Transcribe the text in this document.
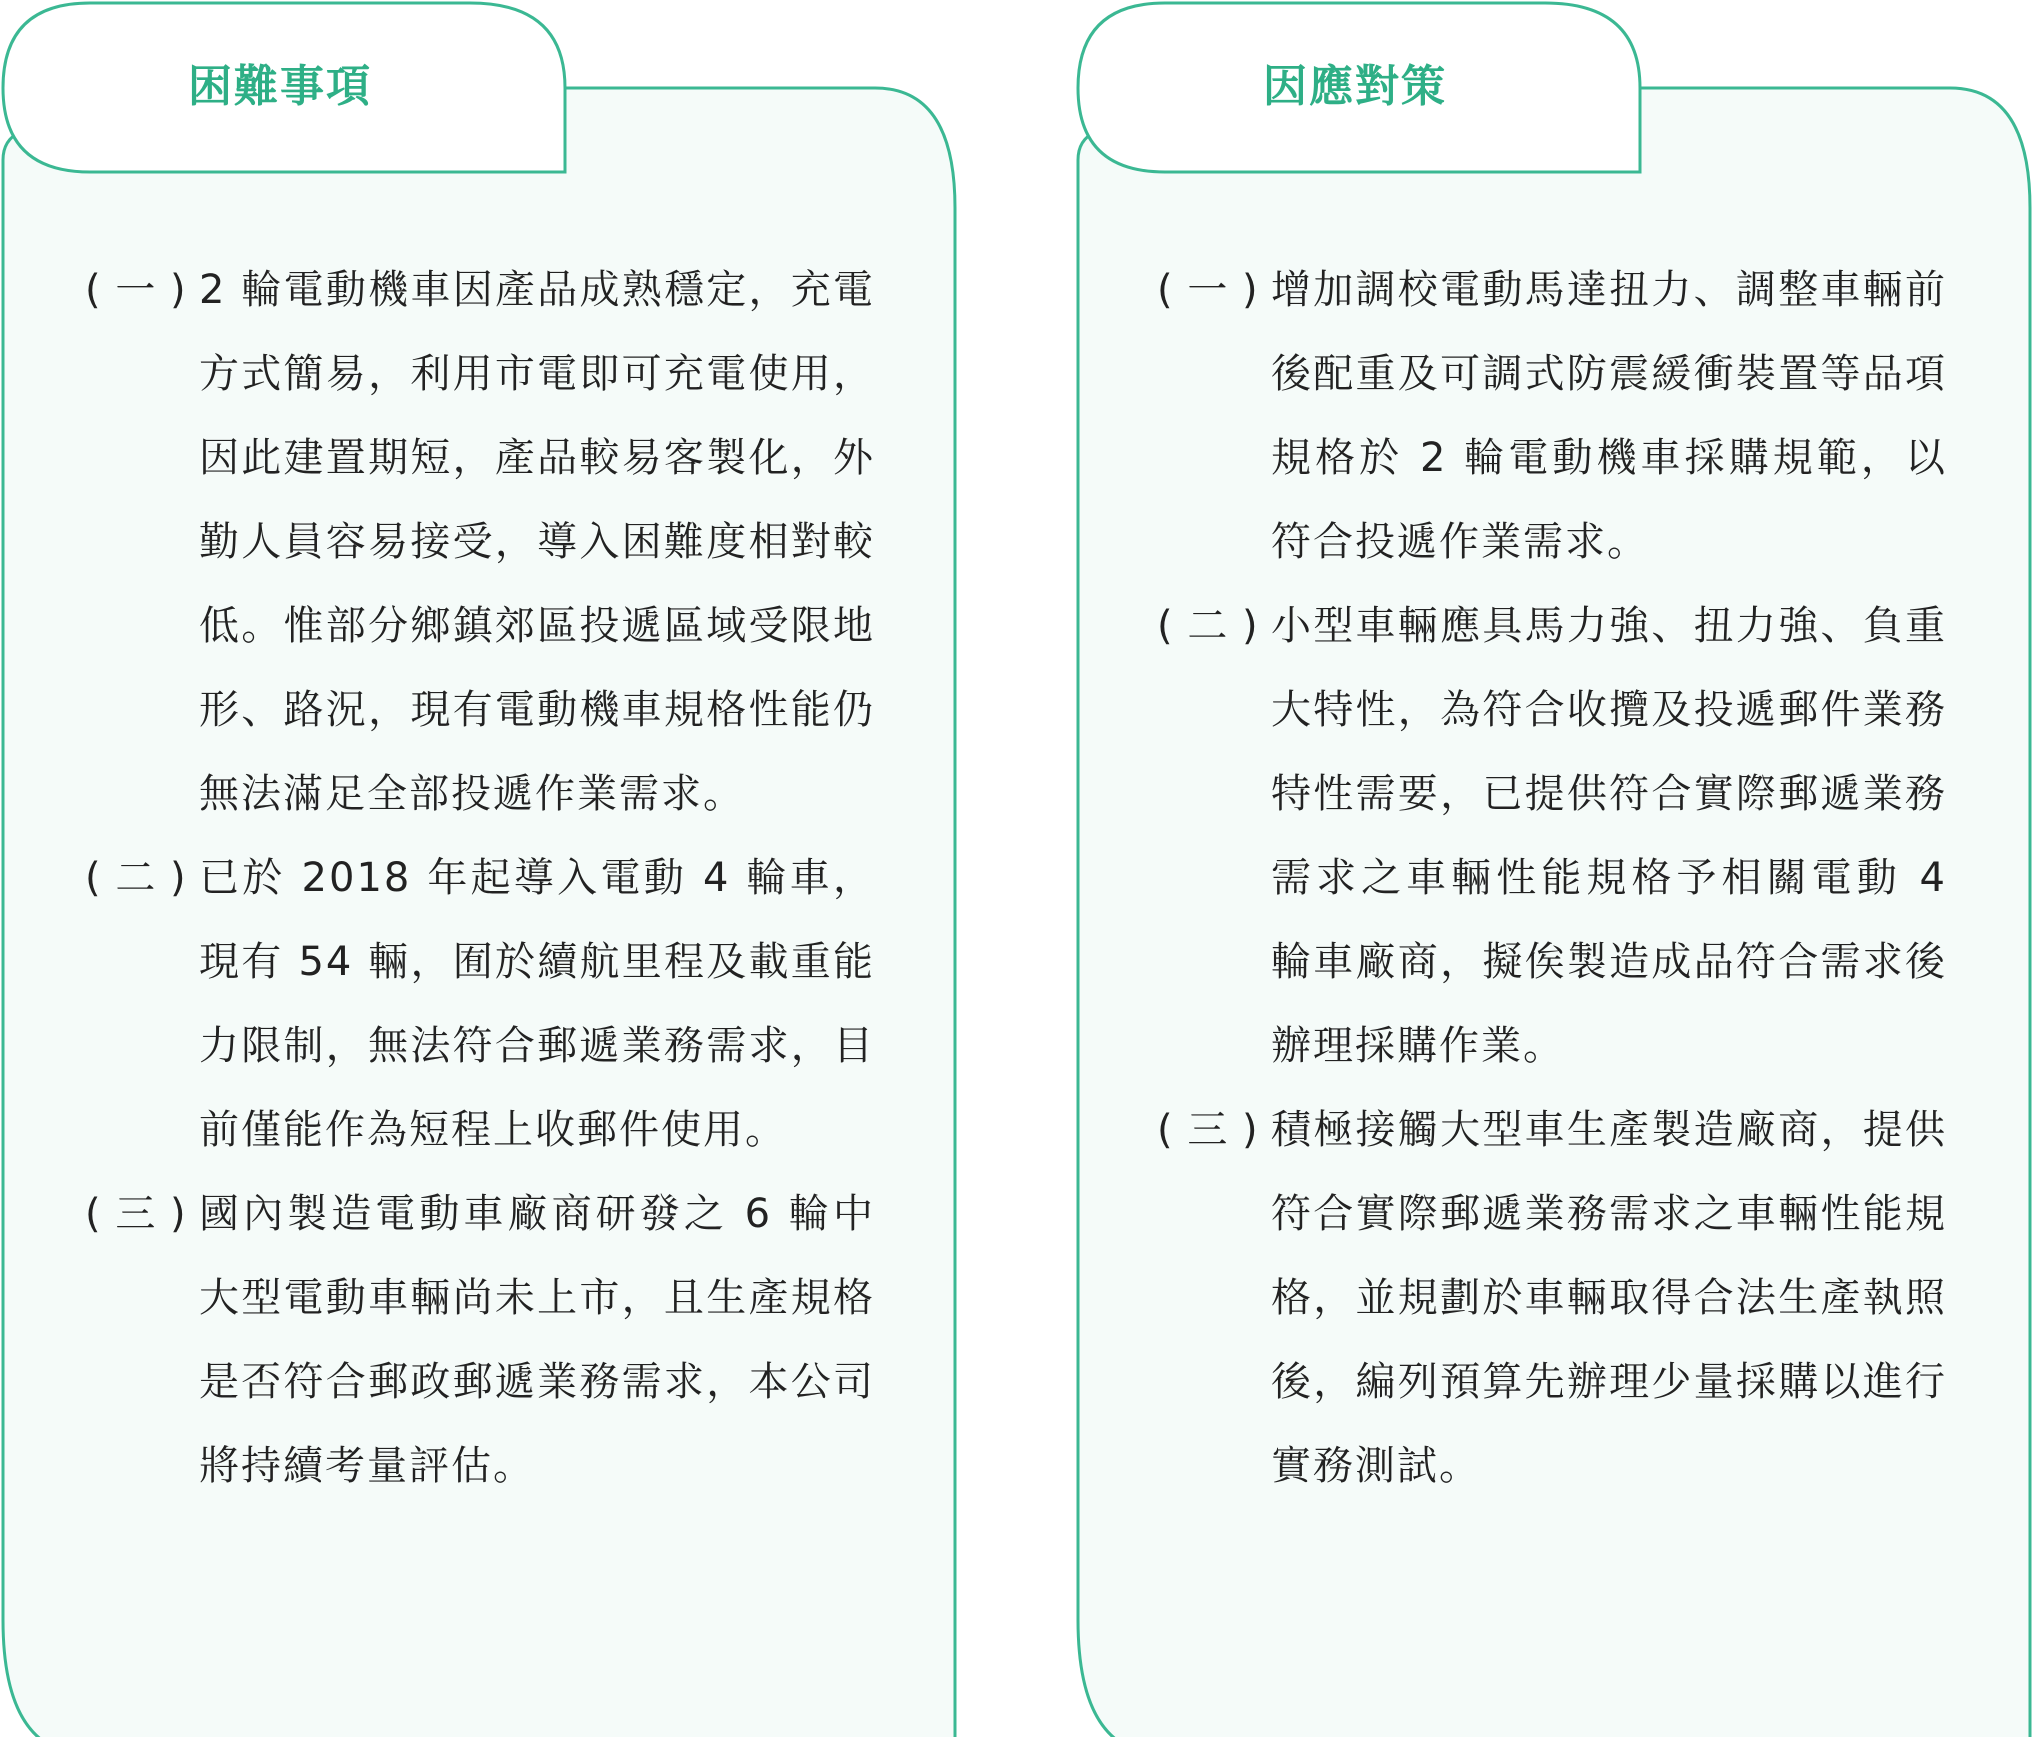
困難事項
( 一 ) 2 輪電動機車因產品成熟穩定，充電方式簡易，利用市電即可充電使用，因此建置期短，產品較易客製化，外勤人員容易接受，導入困難度相對較低。惟部分鄉鎮郊區投遞區域受限地形、路況，現有電動機車規格性能仍無法滿足全部投遞作業需求。
( 二 ) 已於 2018 年起導入電動 4 輪車，現有 54 輛，囿於續航里程及載重能力限制，無法符合郵遞業務需求，目前僅能作為短程上收郵件使用。
( 三 ) 國內製造電動車廠商研發之 6 輪中大型電動車輛尚未上市，且生產規格是否符合郵政郵遞業務需求，本公司將持續考量評估。
因應對策
( 一 ) 增加調校電動馬達扭力、調整車輛前後配重及可調式防震緩衝裝置等品項規格於 2 輪電動機車採購規範，以符合投遞作業需求。
( 二 ) 小型車輛應具馬力強、扭力強、負重大特性，為符合收攬及投遞郵件業務特性需要，已提供符合實際郵遞業務需求之車輛性能規格予相關電動 4 輪車廠商，擬俟製造成品符合需求後辦理採購作業。
( 三 ) 積極接觸大型車生產製造廠商，提供符合實際郵遞業務需求之車輛性能規格，並規劃於車輛取得合法生產執照後，編列預算先辦理少量採購以進行實務測試。
